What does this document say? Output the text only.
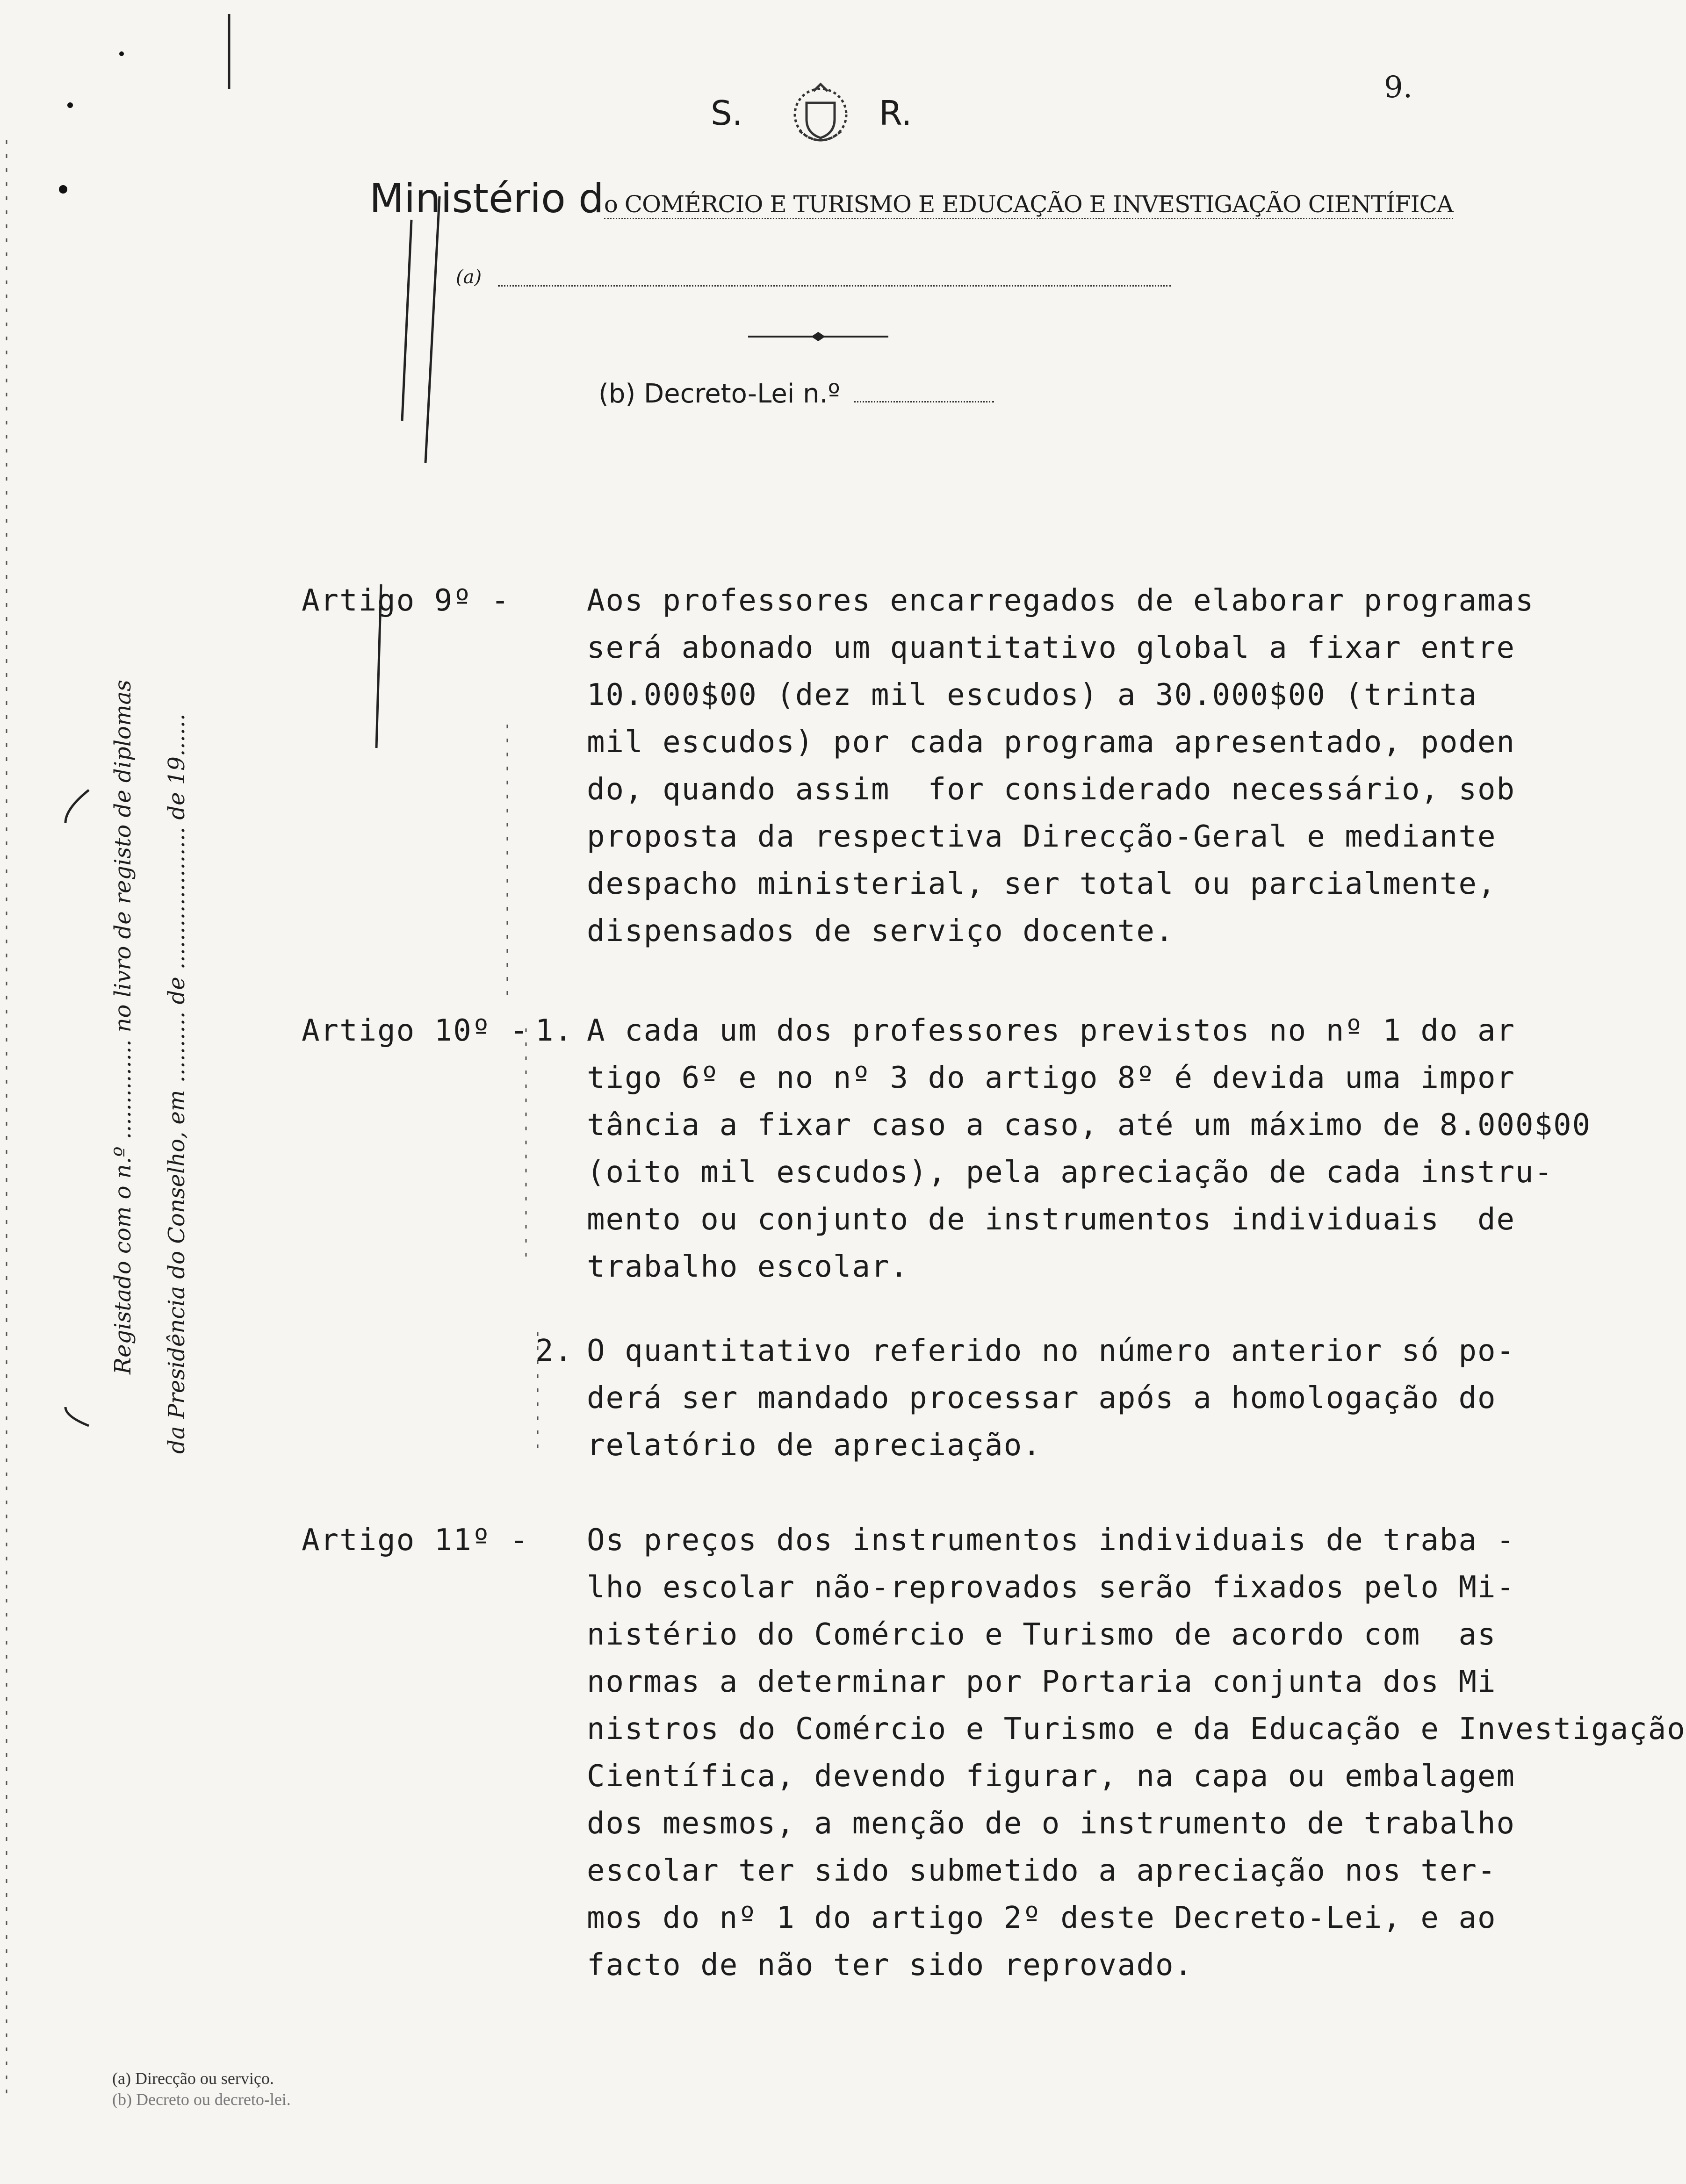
9.
S.	R.
Ministério do COMÉRCIO E TURISMO E EDUCAÇÃO E INVESTIGAÇÃO CIENTÍFICA
(a)
(b) Decreto-Lei n.º
Registado com o n.º .............. no livro de registo de diplomas da Presidência do Conselho, em .......... de .................... de 19......
Artigo 9º -	Aos professores encarregados de elaborar programas
será abonado um quantitativo global a fixar entre
10.000$00 (dez mil escudos) a 30.000$00 (trinta
mil escudos) por cada programa apresentado, poden
do, quando assim  for considerado necessário, sob
proposta da respectiva Direcção-Geral e mediante
despacho ministerial, ser total ou parcialmente,
dispensados de serviço docente.
Artigo 10º - 1. A cada um dos professores previstos no nº 1 do ar
tigo 6º e no nº 3 do artigo 8º é devida uma impor
tância a fixar caso a caso, até um máximo de 8.000$00
(oito mil escudos), pela apreciação de cada instru-
mento ou conjunto de instrumentos individuais  de
trabalho escolar.
2. O quantitativo referido no número anterior só po-
derá ser mandado processar após a homologação do
relatório de apreciação.
Artigo 11º - Os preços dos instrumentos individuais de traba -
lho escolar não-reprovados serão fixados pelo Mi-
nistério do Comércio e Turismo de acordo com  as
normas a determinar por Portaria conjunta dos Mi
nistros do Comércio e Turismo e da Educação e Investigação
Científica, devendo figurar, na capa ou embalagem
dos mesmos, a menção de o instrumento de trabalho
escolar ter sido submetido a apreciação nos ter-
mos do nº 1 do artigo 2º deste Decreto-Lei, e ao
facto de não ter sido reprovado.
(a) Direcção ou serviço.
(b) Decreto ou decreto-lei.
